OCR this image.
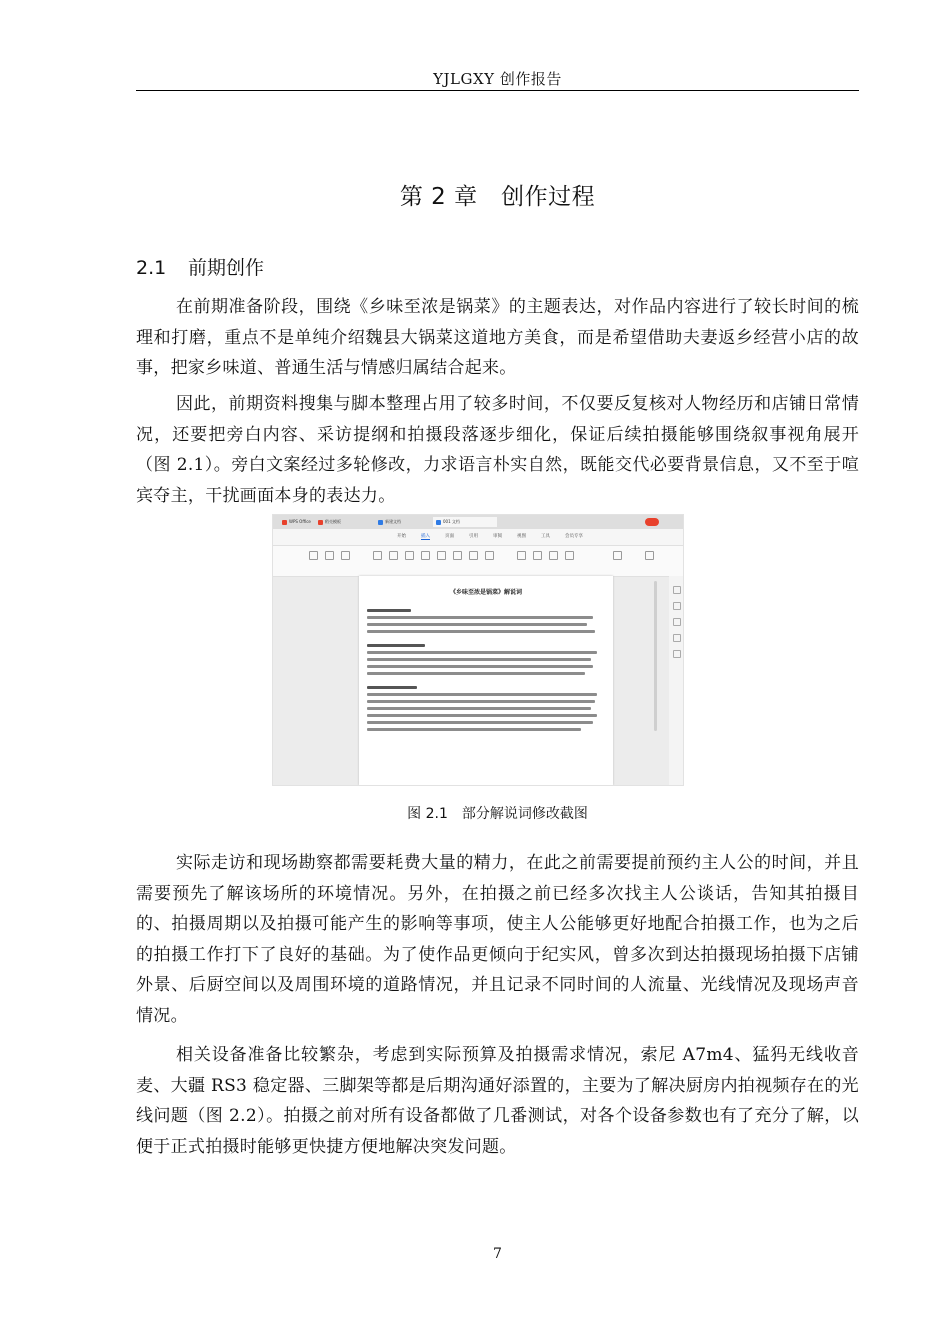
YJLGXY 创作报告
第 2 章　创作过程
2.1 前期创作

在前期准备阶段，围绕《乡味至浓是锅菜》的主题表达，对作品内容进行了较长时间的梳理和打磨，重点不是单纯介绍魏县大锅菜这道地方美食，而是希望借助夫妻返乡经营小店的故事，把家乡味道、普通生活与情感归属结合起来。

因此，前期资料搜集与脚本整理占用了较多时间，不仅要反复核对人物经历和店铺日常情况，还要把旁白内容、采访提纲和拍摄段落逐步细化，保证后续拍摄能够围绕叙事视角展开（图 2.1）。旁白文案经过多轮修改，力求语言朴实自然，既能交代必要背景信息，又不至于喧宾夺主，干扰画面本身的表达力。

WPS Office	稻壳模板	新建文档	001 文档
开始	插入	页面	引用	审阅	视图	工具	会员专享
《乡味至浓是锅菜》解说词
图 2.1 部分解说词修改截图

实际走访和现场勘察都需要耗费大量的精力，在此之前需要提前预约主人公的时间，并且需要预先了解该场所的环境情况。另外，在拍摄之前已经多次找主人公谈话，告知其拍摄目的、拍摄周期以及拍摄可能产生的影响等事项，使主人公能够更好地配合拍摄工作，也为之后的拍摄工作打下了良好的基础。为了使作品更倾向于纪实风，曾多次到达拍摄现场拍摄下店铺外景、后厨空间以及周围环境的道路情况，并且记录不同时间的人流量、光线情况及现场声音情况。

相关设备准备比较繁杂，考虑到实际预算及拍摄需求情况，索尼 A7m4、猛犸无线收音麦、大疆 RS3 稳定器、三脚架等都是后期沟通好添置的，主要为了解决厨房内拍视频存在的光线问题（图 2.2）。拍摄之前对所有设备都做了几番测试，对各个设备参数也有了充分了解，以便于正式拍摄时能够更快捷方便地解决突发问题。

7
